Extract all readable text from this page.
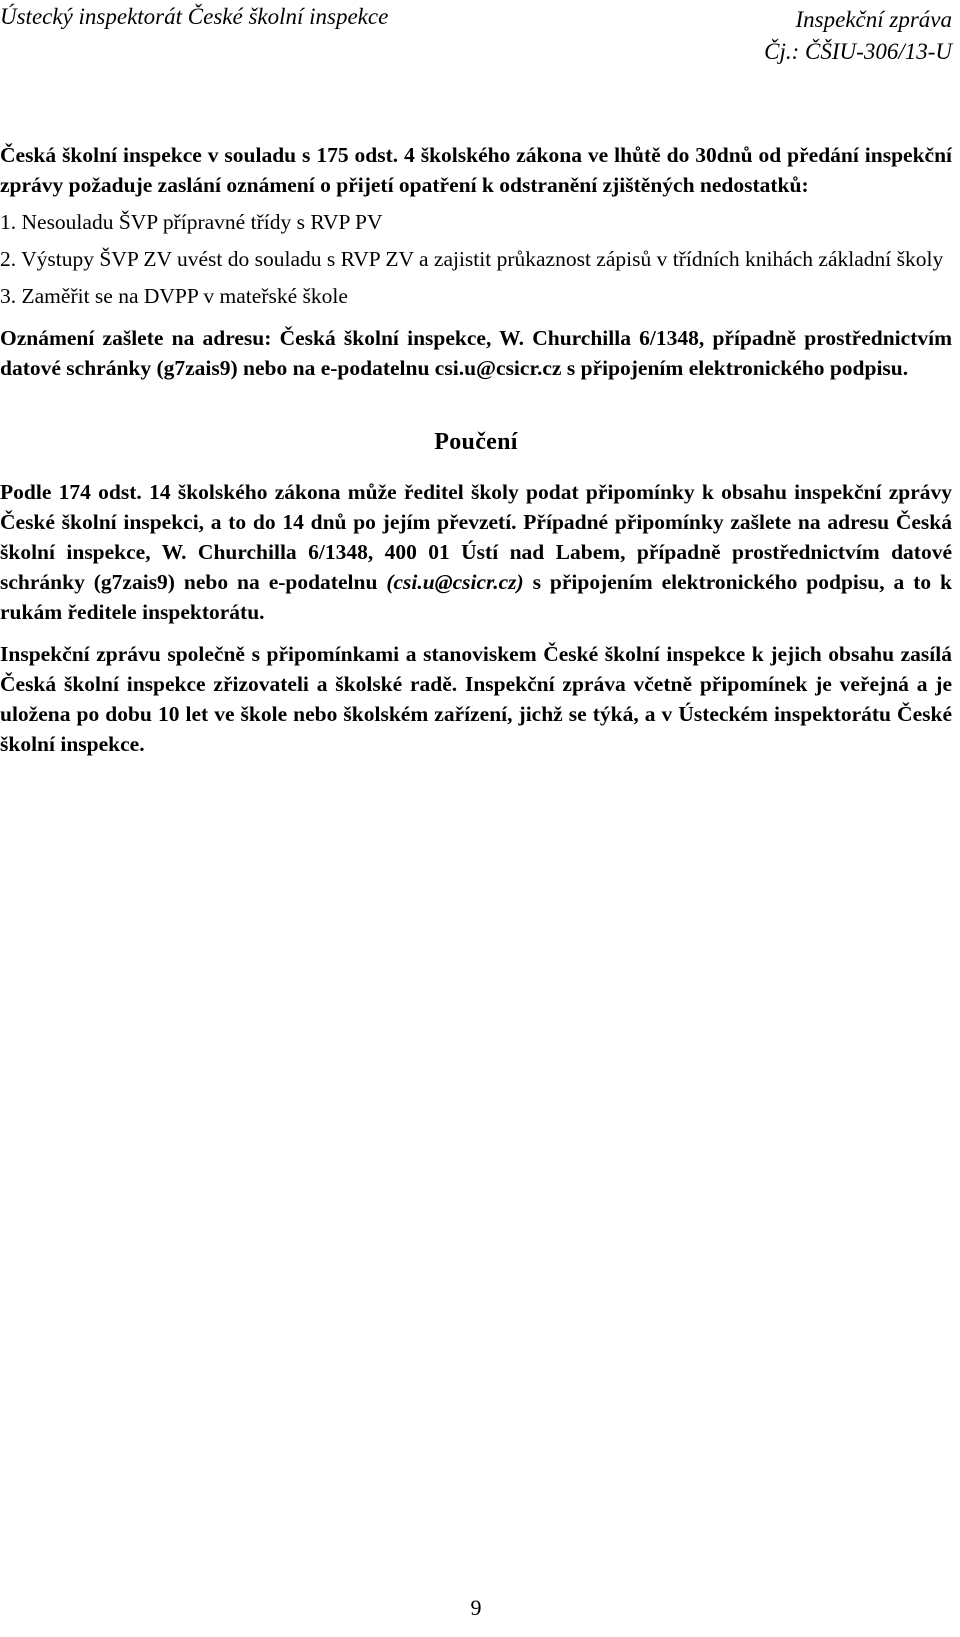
Ústecký inspektorát České školní inspekce	Inspekční zpráva
Čj.: ČŠIU-306/13-U

Česká školní inspekce v souladu s 175 odst. 4 školského zákona ve lhůtě do 30dnů od předání inspekční zprávy požaduje zaslání oznámení o přijetí opatření k odstranění zjištěných nedostatků:

1. Nesouladu ŠVP přípravné třídy s RVP PV

2. Výstupy ŠVP ZV uvést do souladu s RVP ZV a zajistit průkaznost zápisů v třídních knihách základní školy

3. Zaměřit se na DVPP v mateřské škole

Oznámení zašlete na adresu: Česká školní inspekce, W. Churchilla 6/1348, případně prostřednictvím datové schránky (g7zais9) nebo na e-podatelnu csi.u@csicr.cz s připojením elektronického podpisu.

Poučení

Podle 174 odst. 14 školského zákona může ředitel školy podat připomínky k obsahu inspekční zprávy České školní inspekci, a to do 14 dnů po jejím převzetí. Případné připomínky zašlete na adresu Česká školní inspekce, W. Churchilla 6/1348, 400 01 Ústí nad Labem, případně prostřednictvím datové schránky (g7zais9) nebo na e-podatelnu (csi.u@csicr.cz) s připojením elektronického podpisu, a to k rukám ředitele inspektorátu.

Inspekční zprávu společně s připomínkami a stanoviskem České školní inspekce k jejich obsahu zasílá Česká školní inspekce zřizovateli a školské radě. Inspekční zpráva včetně připomínek je veřejná a je uložena po dobu 10 let ve škole nebo školském zařízení, jichž se týká, a v Ústeckém inspektorátu České školní inspekce.

9
